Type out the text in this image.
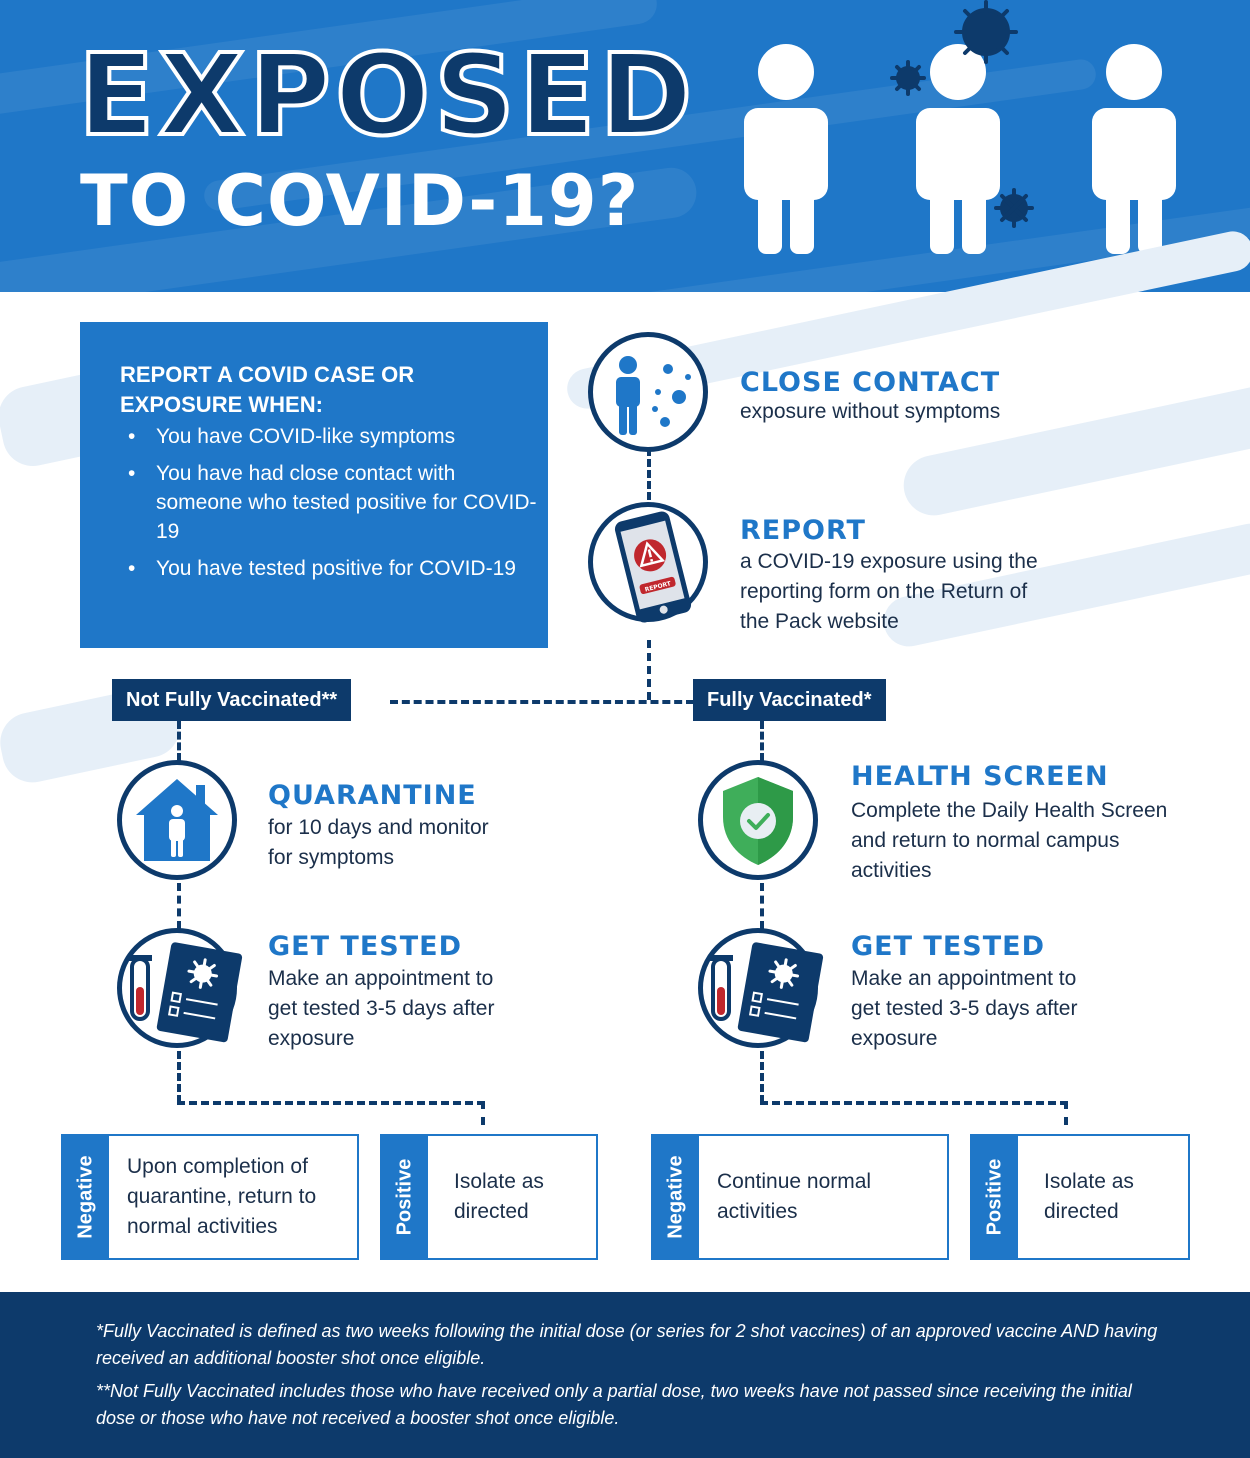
EXPOSED
TO COVID-19?
REPORT A COVID CASE OR EXPOSURE WHEN:
• You have COVID-like symptoms
• You have had close contact with someone who tested positive for COVID-19
• You have tested positive for COVID-19
CLOSE CONTACT
exposure without symptoms
REPORT
REPORT
a COVID-19 exposure using the reporting form on the Return of the Pack website
Not Fully Vaccinated**	Fully Vaccinated*
QUARANTINE
for 10 days and monitor for symptoms
GET TESTED
Make an appointment to get tested 3-5 days after exposure
HEALTH SCREEN
Complete the Daily Health Screen and return to normal campus activities
GET TESTED
Make an appointment to get tested 3-5 days after exposure
Negative Upon completion of quarantine, return to normal activities	Positive Isolate as directed	Negative Continue normal activities	Positive Isolate as directed

*Fully Vaccinated is defined as two weeks following the initial dose (or series for 2 shot vaccines) of an approved vaccine AND having received an additional booster shot once eligible.

**Not Fully Vaccinated includes those who have received only a partial dose, two weeks have not passed since receiving the initial dose or those who have not received a booster shot once eligible.
